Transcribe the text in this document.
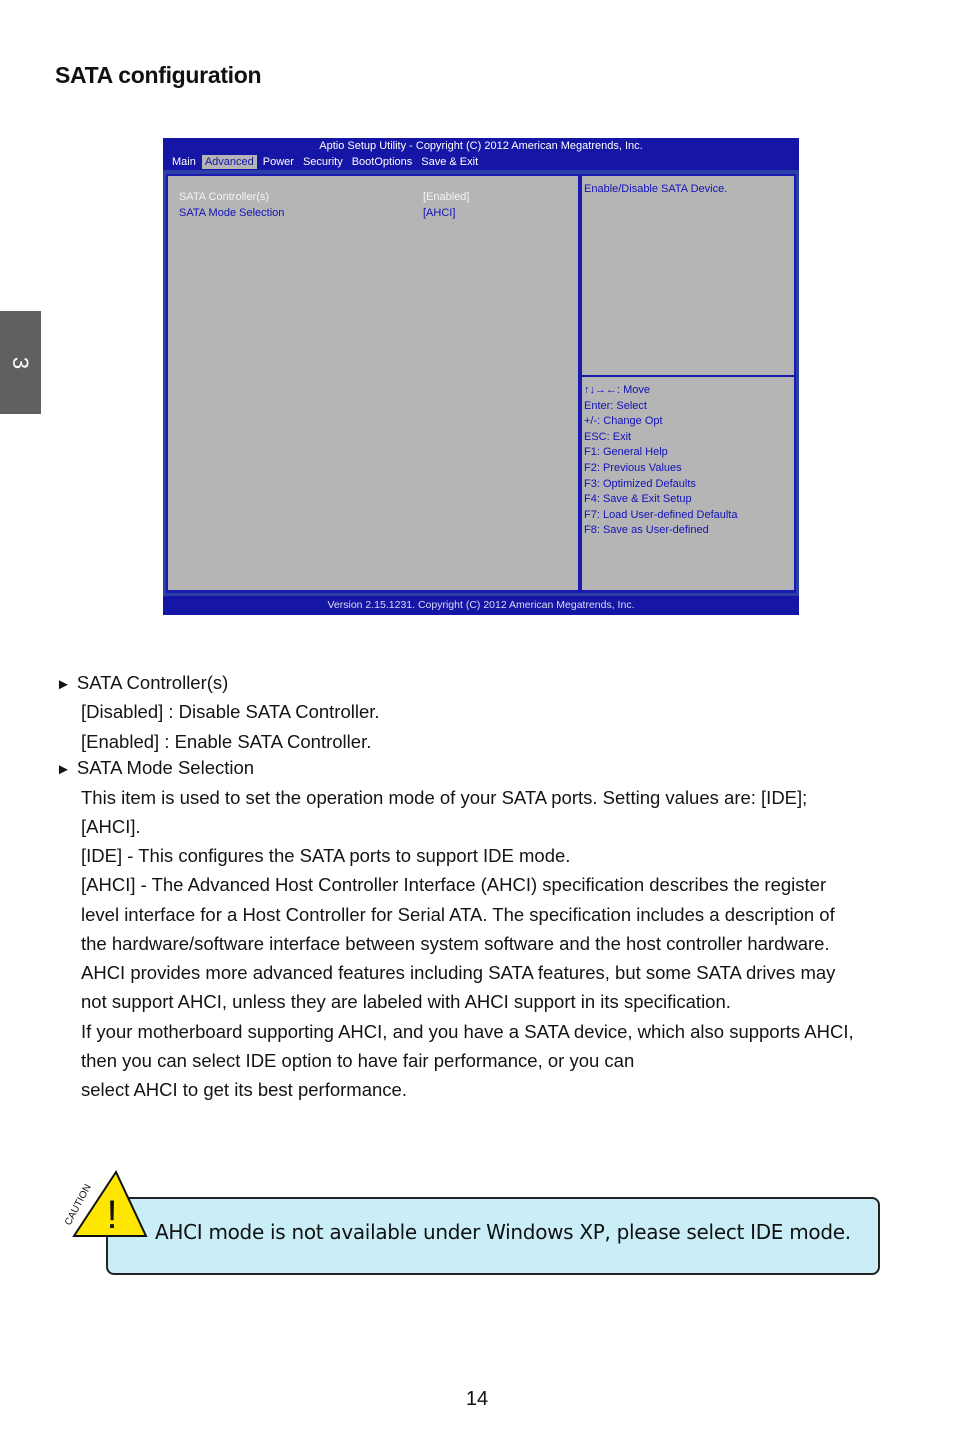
SATA configuration
3
Aptio Setup Utility - Copyright (C) 2012 American Megatrends, Inc.
Main Advanced Power Security BootOptions Save & Exit
SATA Controller(s)	[Enabled]
SATA Mode Selection	[AHCI]
Enable/Disable SATA Device.
↑↓→←: Move
Enter: Select
+/-: Change Opt
ESC: Exit
F1: General Help
F2: Previous Values
F3: Optimized Defaults
F4: Save & Exit Setup
F7: Load User-defined Defaulta
F8: Save as User-defined
Version 2.15.1231. Copyright (C) 2012 American Megatrends, Inc.
► SATA Controller(s)
[Disabled] : Disable SATA Controller.
[Enabled] : Enable SATA Controller.
► SATA Mode Selection
This item is used to set the operation mode of your SATA ports. Setting values are: [IDE];
[AHCI].
[IDE] - This configures the SATA ports to support IDE mode.
[AHCI] - The Advanced Host Controller Interface (AHCI) specification describes the register
level interface for a Host Controller for Serial ATA. The specification includes a description of
the hardware/software interface between system software and the host controller hardware.
AHCI provides more advanced features including SATA features, but some SATA drives may
not support AHCI, unless they are labeled with AHCI support in its specification.
If your motherboard supporting AHCI, and you have a SATA device, which also supports AHCI,
then you can select IDE option to have fair performance, or you can
select AHCI to get its best performance.
!
CAUTION
AHCI mode is not available under Windows XP, please select IDE mode.
14
